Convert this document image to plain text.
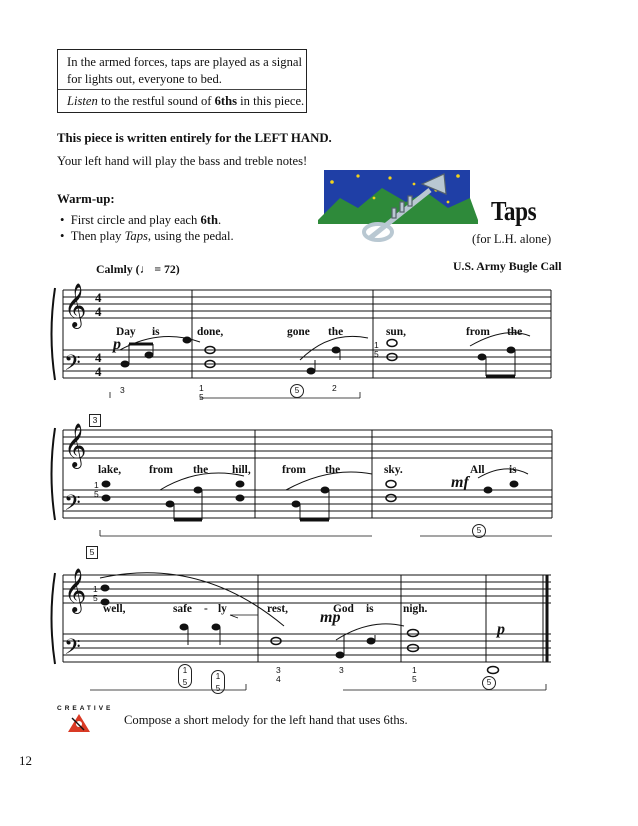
In the armed forces, taps are played as a signal
for lights out, everyone to bed.
Listen to the restful sound of 6ths in this piece.
This piece is written entirely for the LEFT HAND.
Your left hand will play the bass and treble notes!
Warm-up:
•  First circle and play each 6th.
•  Then play Taps, using the pedal.
Taps
(for L.H. alone)
Calmly (♩ = 72)	U.S. Army Bugle Call
𝄞
𝄢
𝄞
𝄢
𝄞
𝄢
4
4
4
4
Day is	done,	gone the	sun,	from the
p
3	1
5
5	2
1
5
3
lake, from the hill,	from the	sky.	All is
mf
1
5
5
5
well,	safe - ly	rest,	God is	nigh.
mp
p
1
5
1
5
1
5
3
4
3	1
5	5
CREATIVE
Compose a short melody for the left hand that uses 6ths.
12
